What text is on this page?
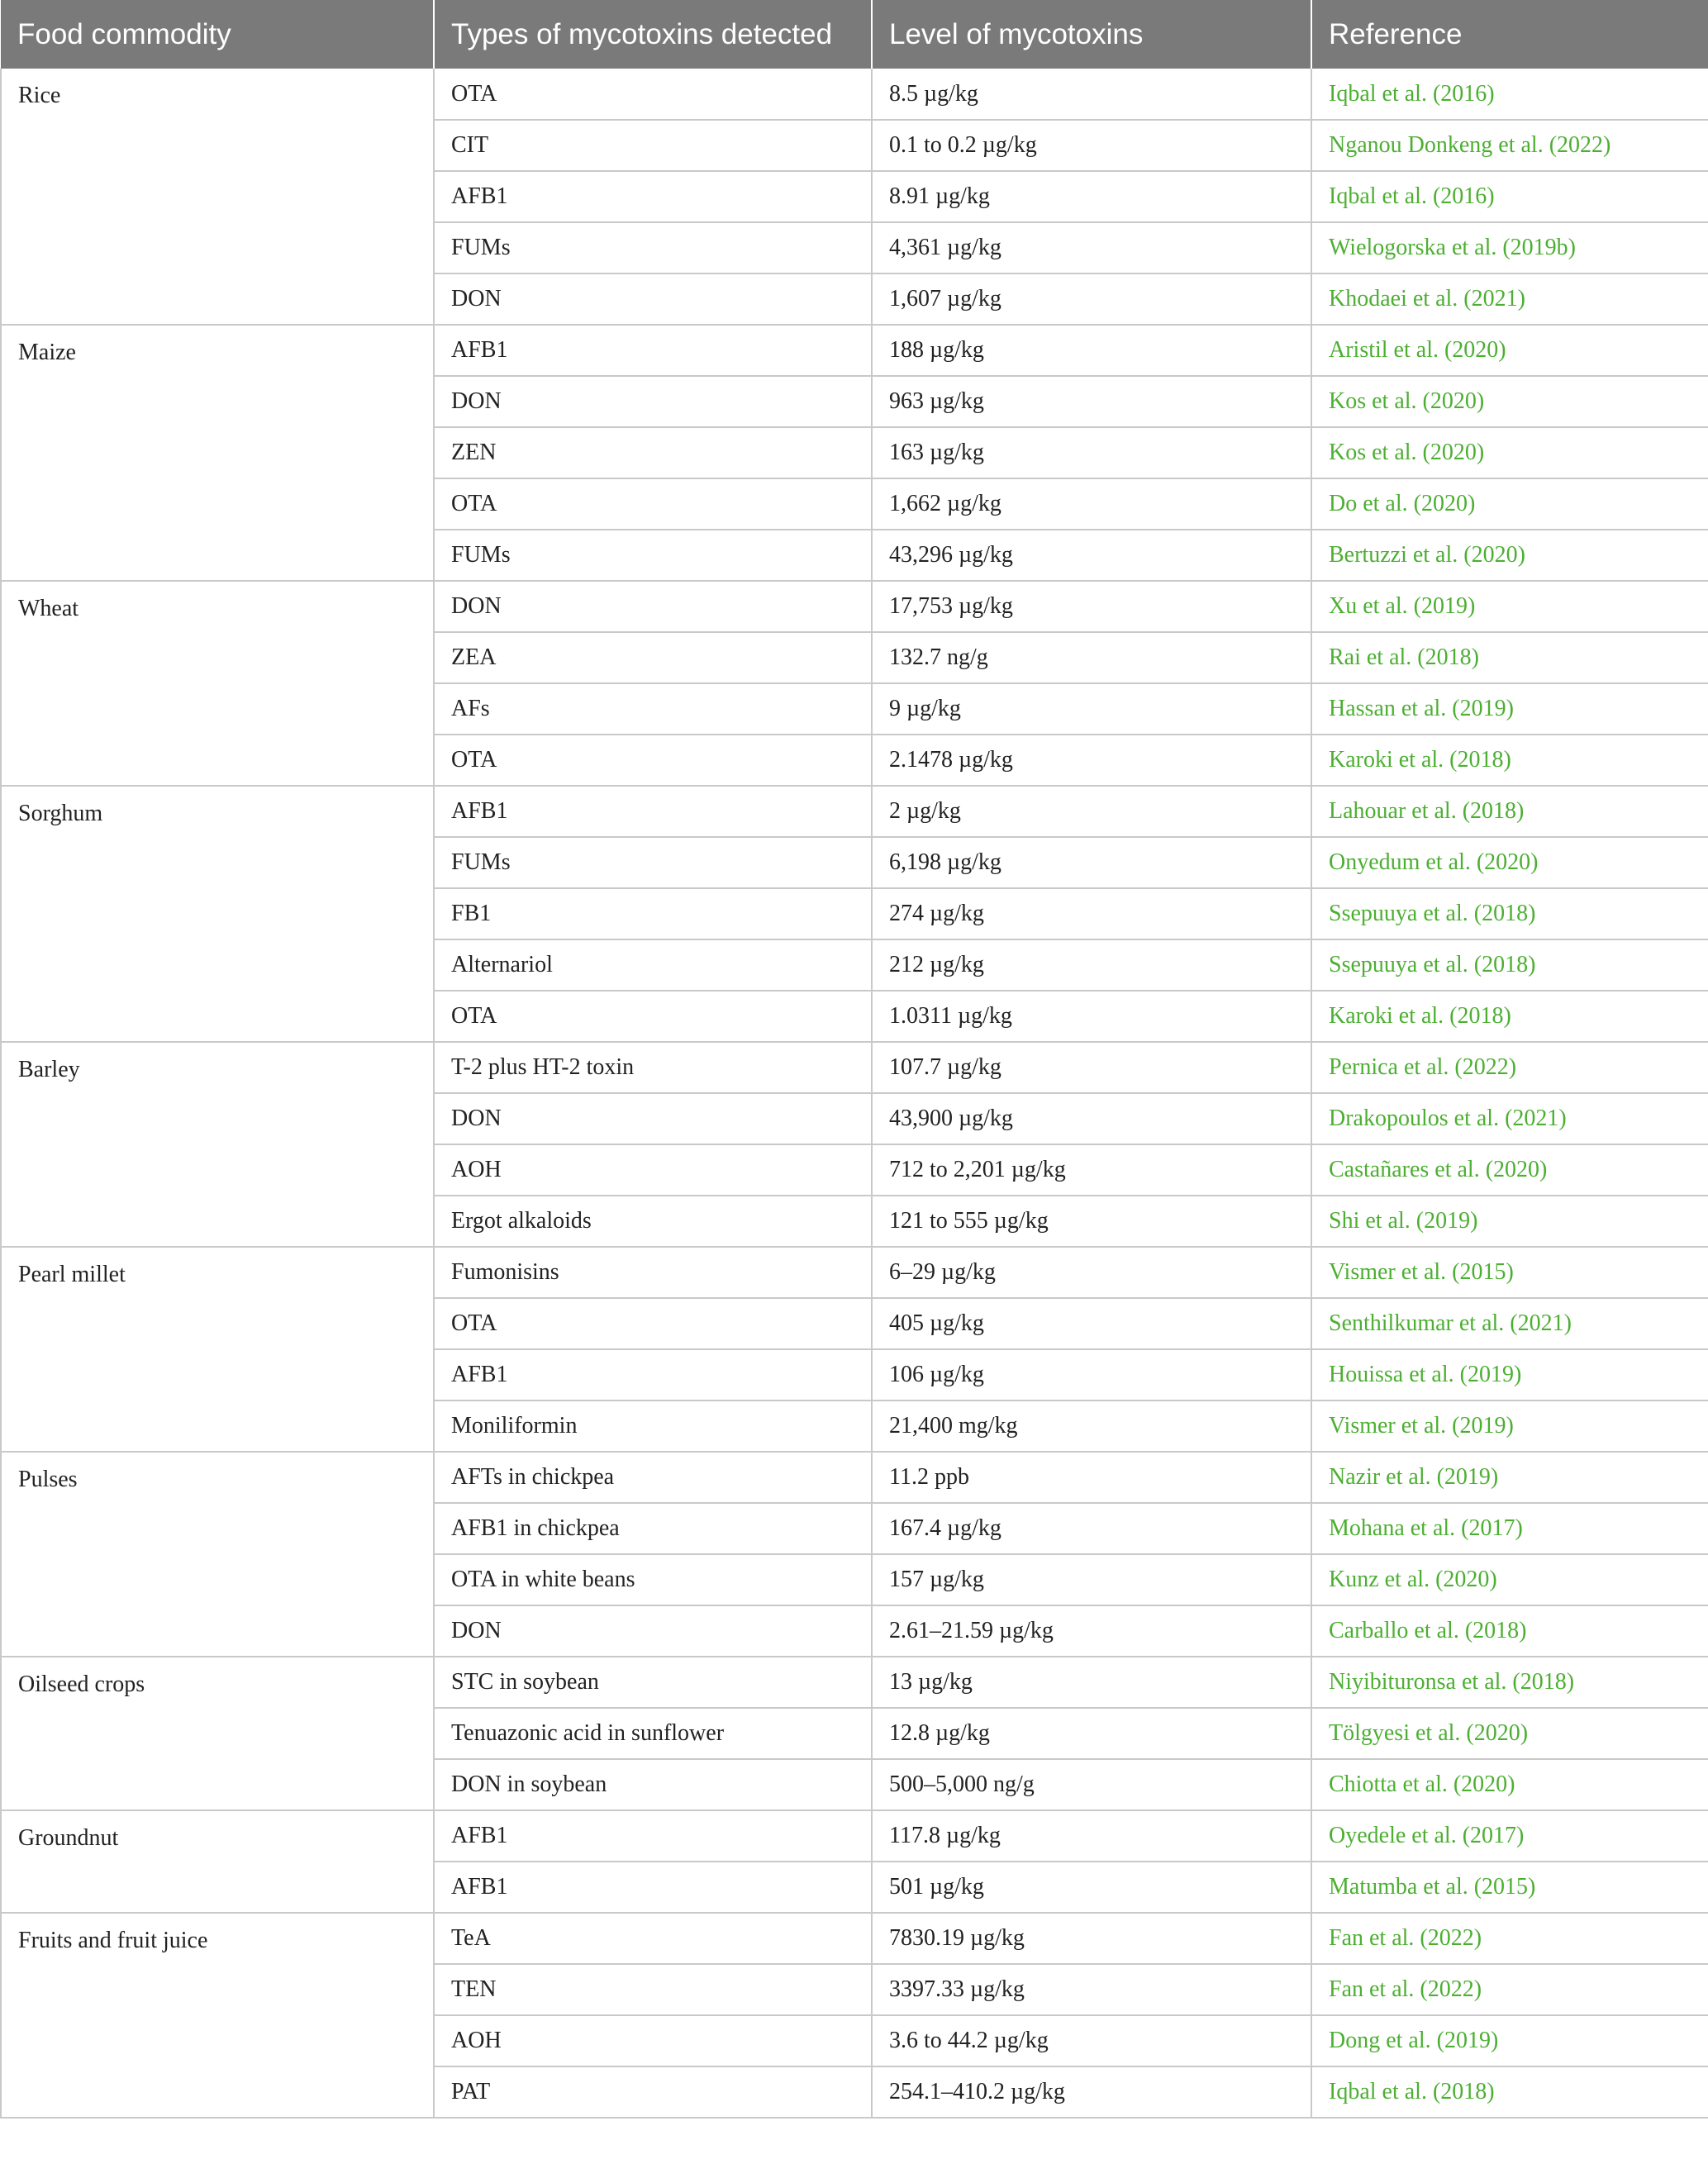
Food commodity	Types of mycotoxins detected	Level of mycotoxins	Reference
Rice	OTA	8.5 µg/kg	Iqbal et al. (2016)
	CIT	0.1 to 0.2 µg/kg	Nganou Donkeng et al. (2022)
	AFB1	8.91 µg/kg	Iqbal et al. (2016)
	FUMs	4,361 µg/kg	Wielogorska et al. (2019b)
	DON	1,607 µg/kg	Khodaei et al. (2021)
Maize	AFB1	188 µg/kg	Aristil et al. (2020)
	DON	963 µg/kg	Kos et al. (2020)
	ZEN	163 µg/kg	Kos et al. (2020)
	OTA	1,662 µg/kg	Do et al. (2020)
	FUMs	43,296 µg/kg	Bertuzzi et al. (2020)
Wheat	DON	17,753 µg/kg	Xu et al. (2019)
	ZEA	132.7 ng/g	Rai et al. (2018)
	AFs	9 µg/kg	Hassan et al. (2019)
	OTA	2.1478 µg/kg	Karoki et al. (2018)
Sorghum	AFB1	2 µg/kg	Lahouar et al. (2018)
	FUMs	6,198 µg/kg	Onyedum et al. (2020)
	FB1	274 µg/kg	Ssepuuya et al. (2018)
	Alternariol	212 µg/kg	Ssepuuya et al. (2018)
	OTA	1.0311 µg/kg	Karoki et al. (2018)
Barley	T-2 plus HT-2 toxin	107.7 µg/kg	Pernica et al. (2022)
	DON	43,900 µg/kg	Drakopoulos et al. (2021)
	AOH	712 to 2,201 µg/kg	Castañares et al. (2020)
	Ergot alkaloids	121 to 555 µg/kg	Shi et al. (2019)
Pearl millet	Fumonisins	6–29 µg/kg	Vismer et al. (2015)
	OTA	405 µg/kg	Senthilkumar et al. (2021)
	AFB1	106 µg/kg	Houissa et al. (2019)
	Moniliformin	21,400 mg/kg	Vismer et al. (2019)
Pulses	AFTs in chickpea	11.2 ppb	Nazir et al. (2019)
	AFB1 in chickpea	167.4 µg/kg	Mohana et al. (2017)
	OTA in white beans	157 µg/kg	Kunz et al. (2020)
	DON	2.61–21.59 µg/kg	Carballo et al. (2018)
Oilseed crops	STC in soybean	13 µg/kg	Niyibituronsa et al. (2018)
	Tenuazonic acid in sunflower	12.8 µg/kg	Tölgyesi et al. (2020)
	DON in soybean	500–5,000 ng/g	Chiotta et al. (2020)
Groundnut	AFB1	117.8 µg/kg	Oyedele et al. (2017)
	AFB1	501 µg/kg	Matumba et al. (2015)
Fruits and fruit juice	TeA	7830.19 µg/kg	Fan et al. (2022)
	TEN	3397.33 µg/kg	Fan et al. (2022)
	AOH	3.6 to 44.2 µg/kg	Dong et al. (2019)
	PAT	254.1–410.2 µg/kg	Iqbal et al. (2018)
